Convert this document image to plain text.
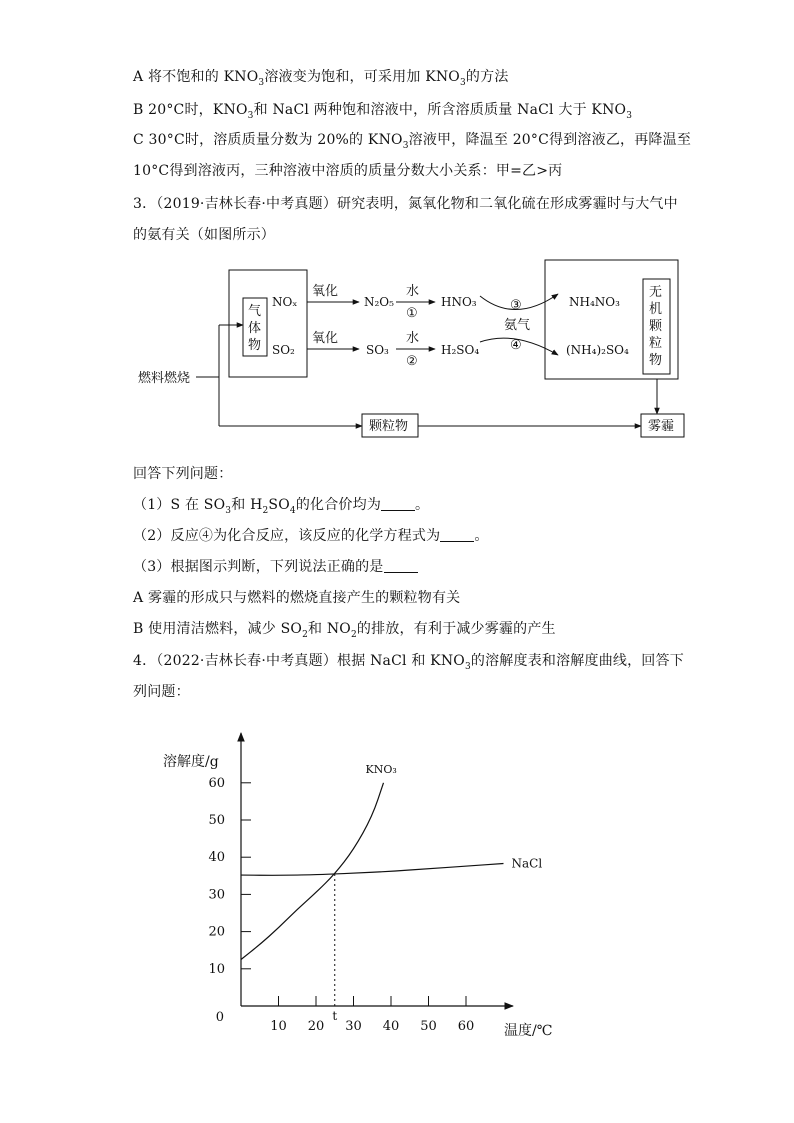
A 将不饱和的 $KNO_3$溶液变为饱和，可采用加 $KNO_3$的方法
B 20°C时，$KNO_3$和 NaCl 两种饱和溶液中，所含溶质质量 NaCl 大于 $KNO_3$
C 30°C时，溶质质量分数为 20%的 $KNO_3$溶液甲，降温至 20°C得到溶液乙，再降温至
10°C得到溶液丙，三种溶液中溶质的质量分数大小关系：甲=乙>丙
3．（2019·吉林长春·中考真题）研究表明，氮氧化物和二氧化硫在形成雾霾时与大气中
的氨有关（如图所示）
燃料燃烧
气
体
物
NOₓ
SO₂
氧化
氧化
N₂O₅
SO₃
水
水
①
②
HNO₃
H₂SO₄
③
氨气
④
NH₄NO₃
(NH₄)₂SO₄
无
机
颗
粒
物
颗粒物	雾霾
回答下列问题：
（1）S 在 $SO_3$和 $H_2SO_4$的化合价均为 。
（2）反应④为化合反应，该反应的化学方程式为 。
（3）根据图示判断，下列说法正确的是
A 雾霾的形成只与燃料的燃烧直接产生的颗粒物有关
B 使用清洁燃料，减少 $SO_2$和 $NO_2$的排放，有利于减少雾霾的产生
4．（2022·吉林长春·中考真题）根据 NaCl 和 $KNO_3$的溶解度表和溶解度曲线，回答下
列问题：
10 20 30 40 50 60
10
20
30
40
50
60
0
溶解度/g
温度/℃
KNO₃
NaCl
t
